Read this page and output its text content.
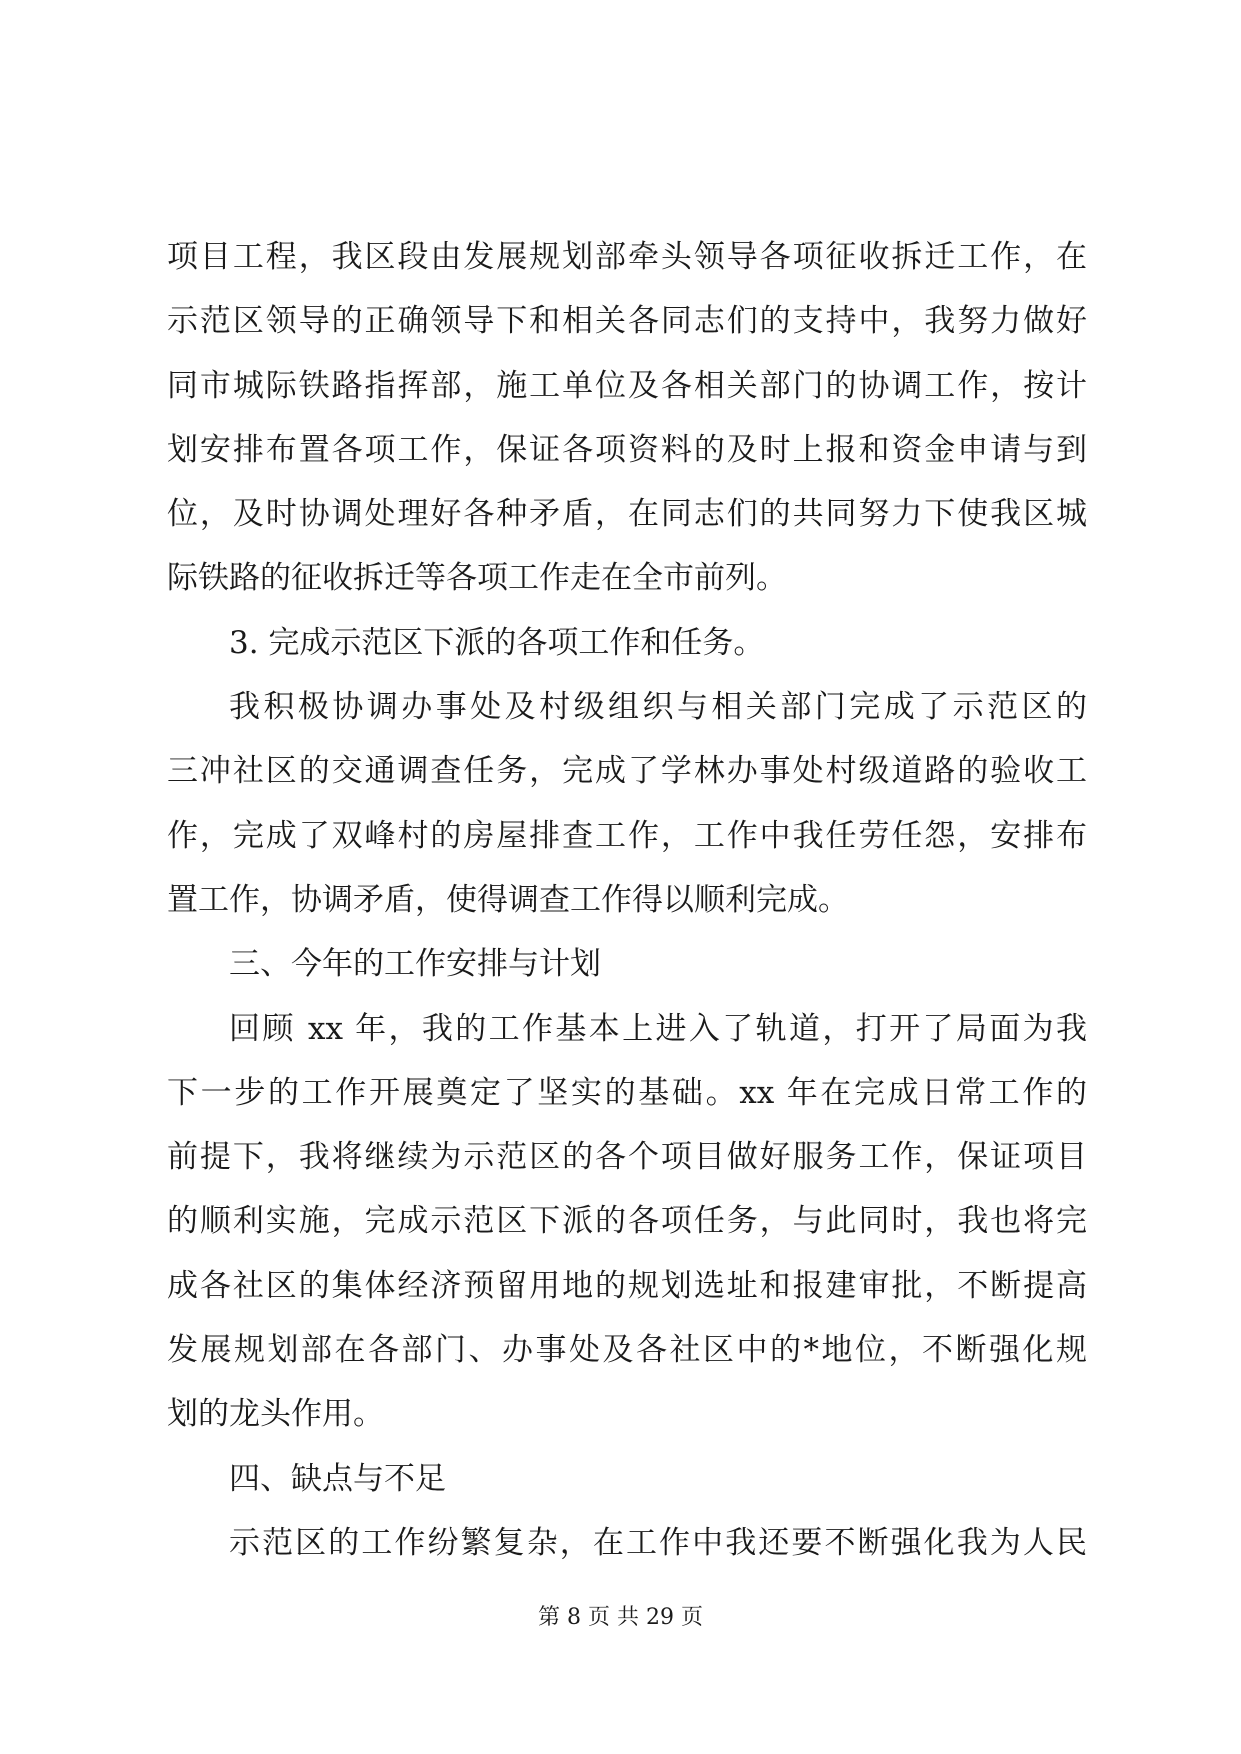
项目工程，我区段由发展规划部牵头领导各项征收拆迁工作，在
示范区领导的正确领导下和相关各同志们的支持中，我努力做好
同市城际铁路指挥部，施工单位及各相关部门的协调工作，按计
划安排布置各项工作，保证各项资料的及时上报和资金申请与到
位，及时协调处理好各种矛盾，在同志们的共同努力下使我区城
际铁路的征收拆迁等各项工作走在全市前列。
3. 完成示范区下派的各项工作和任务。
我积极协调办事处及村级组织与相关部门完成了示范区的
三冲社区的交通调查任务，完成了学林办事处村级道路的验收工
作，完成了双峰村的房屋排查工作，工作中我任劳任怨，安排布
置工作，协调矛盾，使得调查工作得以顺利完成。
三、今年的工作安排与计划
回顾 xx 年，我的工作基本上进入了轨道，打开了局面为我
下一步的工作开展奠定了坚实的基础。xx 年在完成日常工作的
前提下，我将继续为示范区的各个项目做好服务工作，保证项目
的顺利实施，完成示范区下派的各项任务，与此同时，我也将完
成各社区的集体经济预留用地的规划选址和报建审批，不断提高
发展规划部在各部门、办事处及各社区中的*地位，不断强化规
划的龙头作用。
四、缺点与不足
示范区的工作纷繁复杂，在工作中我还要不断强化我为人民
第 8 页 共 29 页
